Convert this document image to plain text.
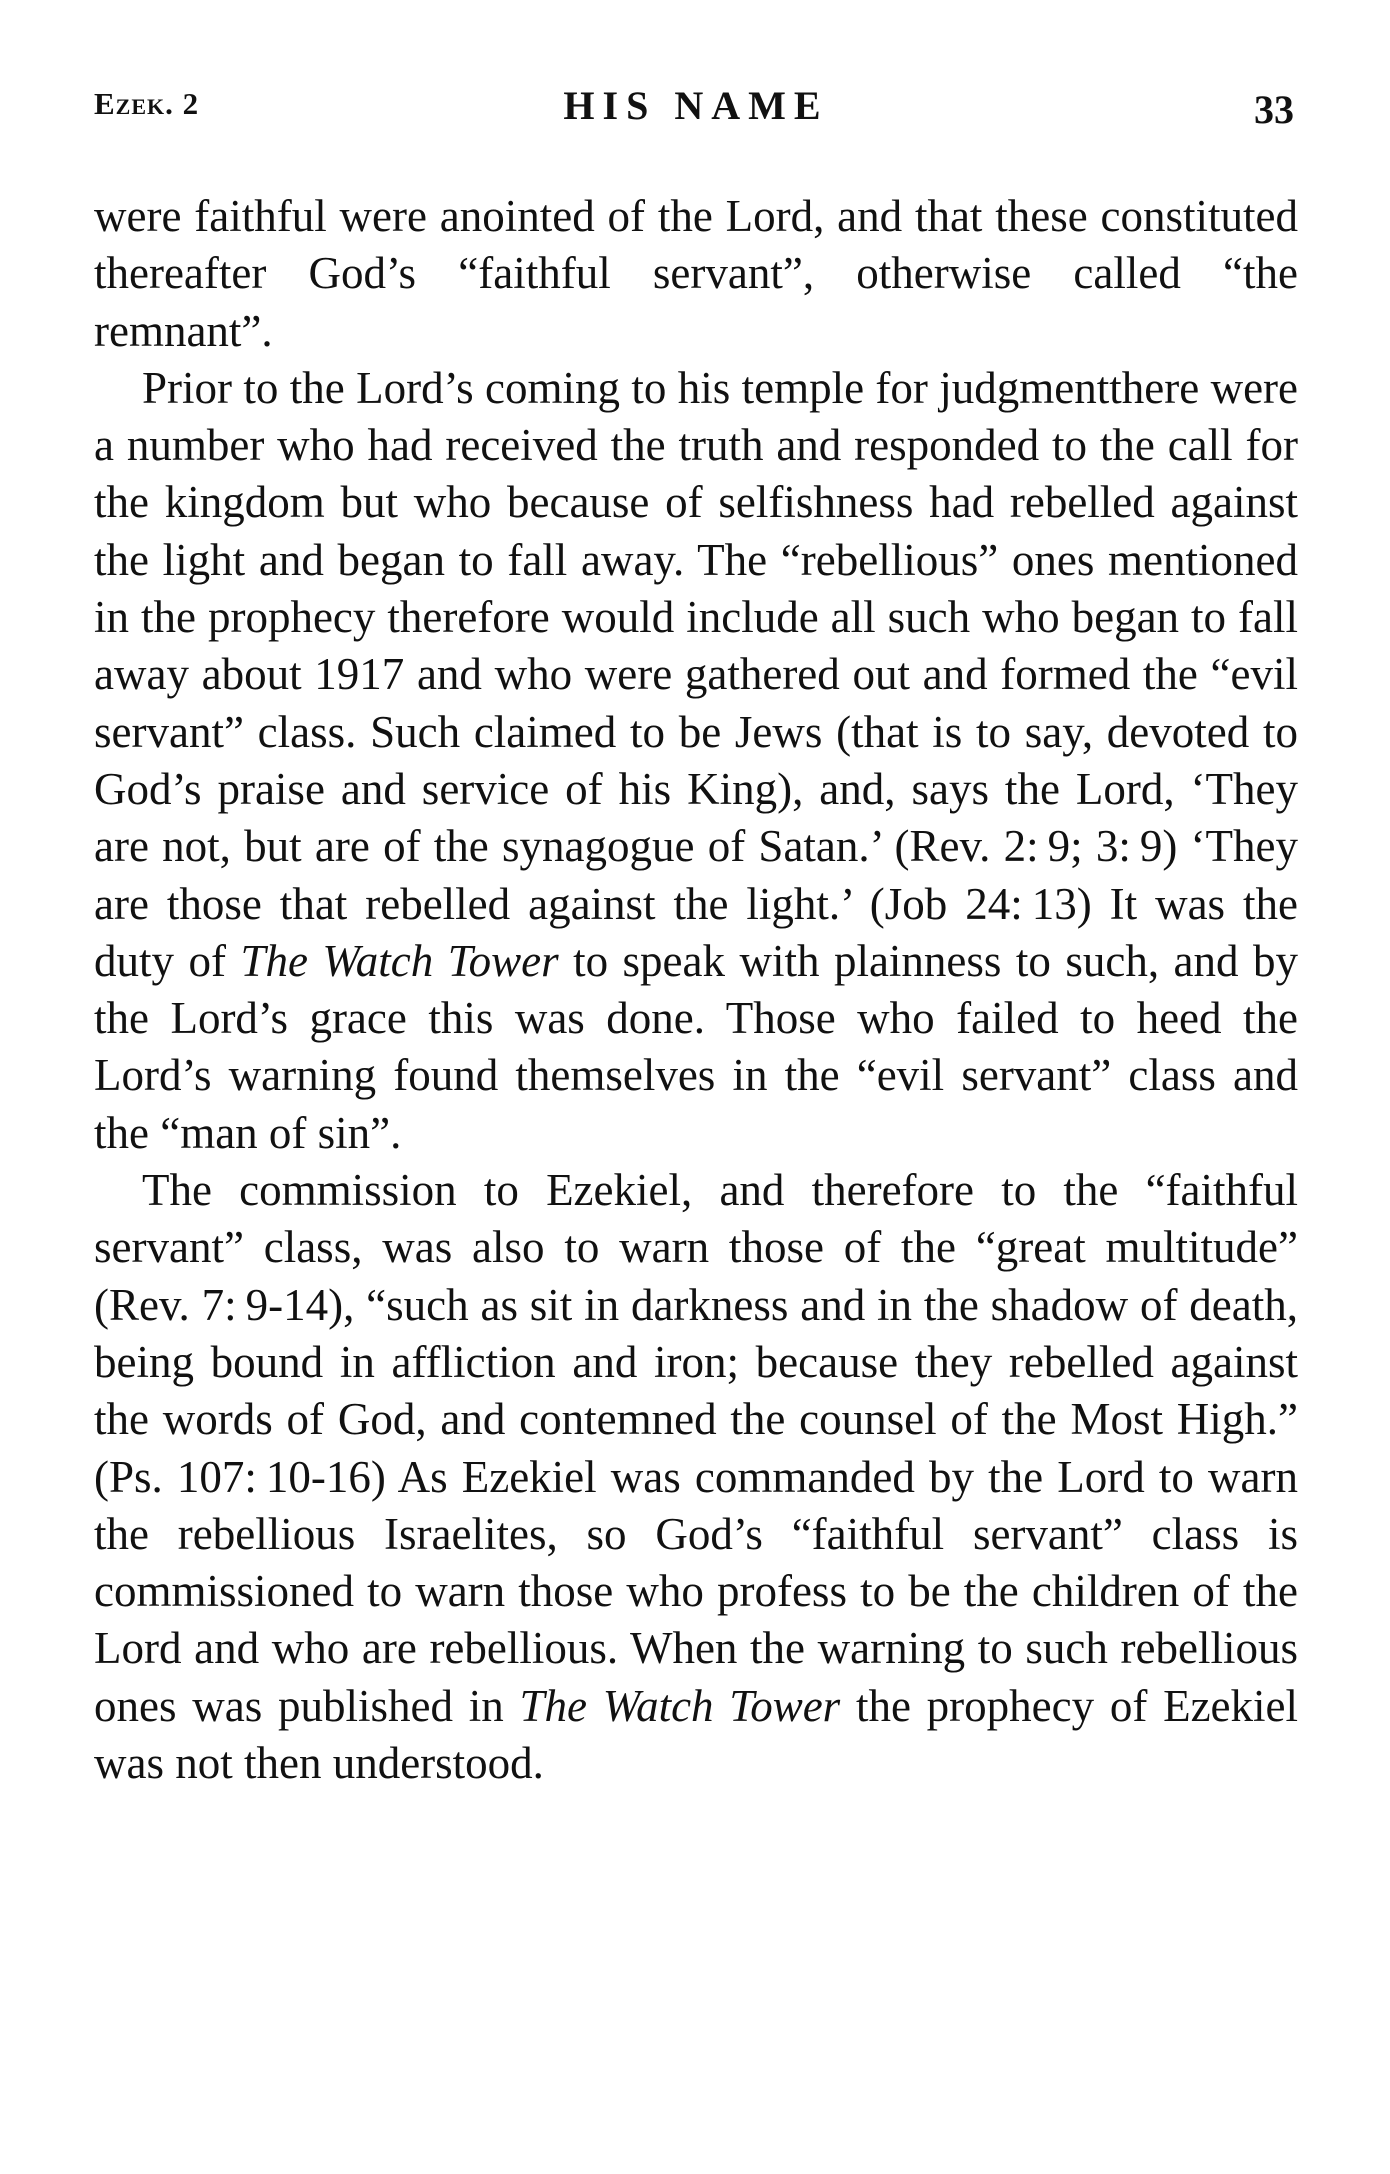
Ezek. 2	HIS NAME	33

were faithful were anointed of the Lord, and that these constituted thereafter God’s “faithful servant”, otherwise called “the remnant”.

Prior to the Lord’s coming to his temple for judgmentthere were a number who had received the truth and responded to the call for the kingdom but who because of selfishness had rebelled against the light and began to fall away. The “rebellious” ones mentioned in the prophecy therefore would include all such who began to fall away about 1917 and who were gathered out and formed the “evil servant” class. Such claimed to be Jews (that is to say, devoted to God’s praise and service of his King), and, says the Lord, ‘They are not, but are of the synagogue of Satan.’ (Rev. 2: 9; 3: 9) ‘They are those that rebelled against the light.’ (Job 24: 13) It was the duty of The Watch Tower to speak with plainness to such, and by the Lord’s grace this was done. Those who failed to heed the Lord’s warning found themselves in the “evil servant” class and the “man of sin”.

The commission to Ezekiel, and therefore to the “faithful servant” class, was also to warn those of the “great multitude” (Rev. 7: 9-14), “such as sit in darkness and in the shadow of death, being bound in affliction and iron; because they rebelled against the words of God, and contemned the counsel of the Most High.” (Ps. 107: 10-16) As Ezekiel was commanded by the Lord to warn the rebellious Israelites, so God’s “faithful servant” class is commissioned to warn those who profess to be the children of the Lord and who are rebellious. When the warning to such rebellious ones was published in The Watch Tower the prophecy of Ezekiel was not then understood.
